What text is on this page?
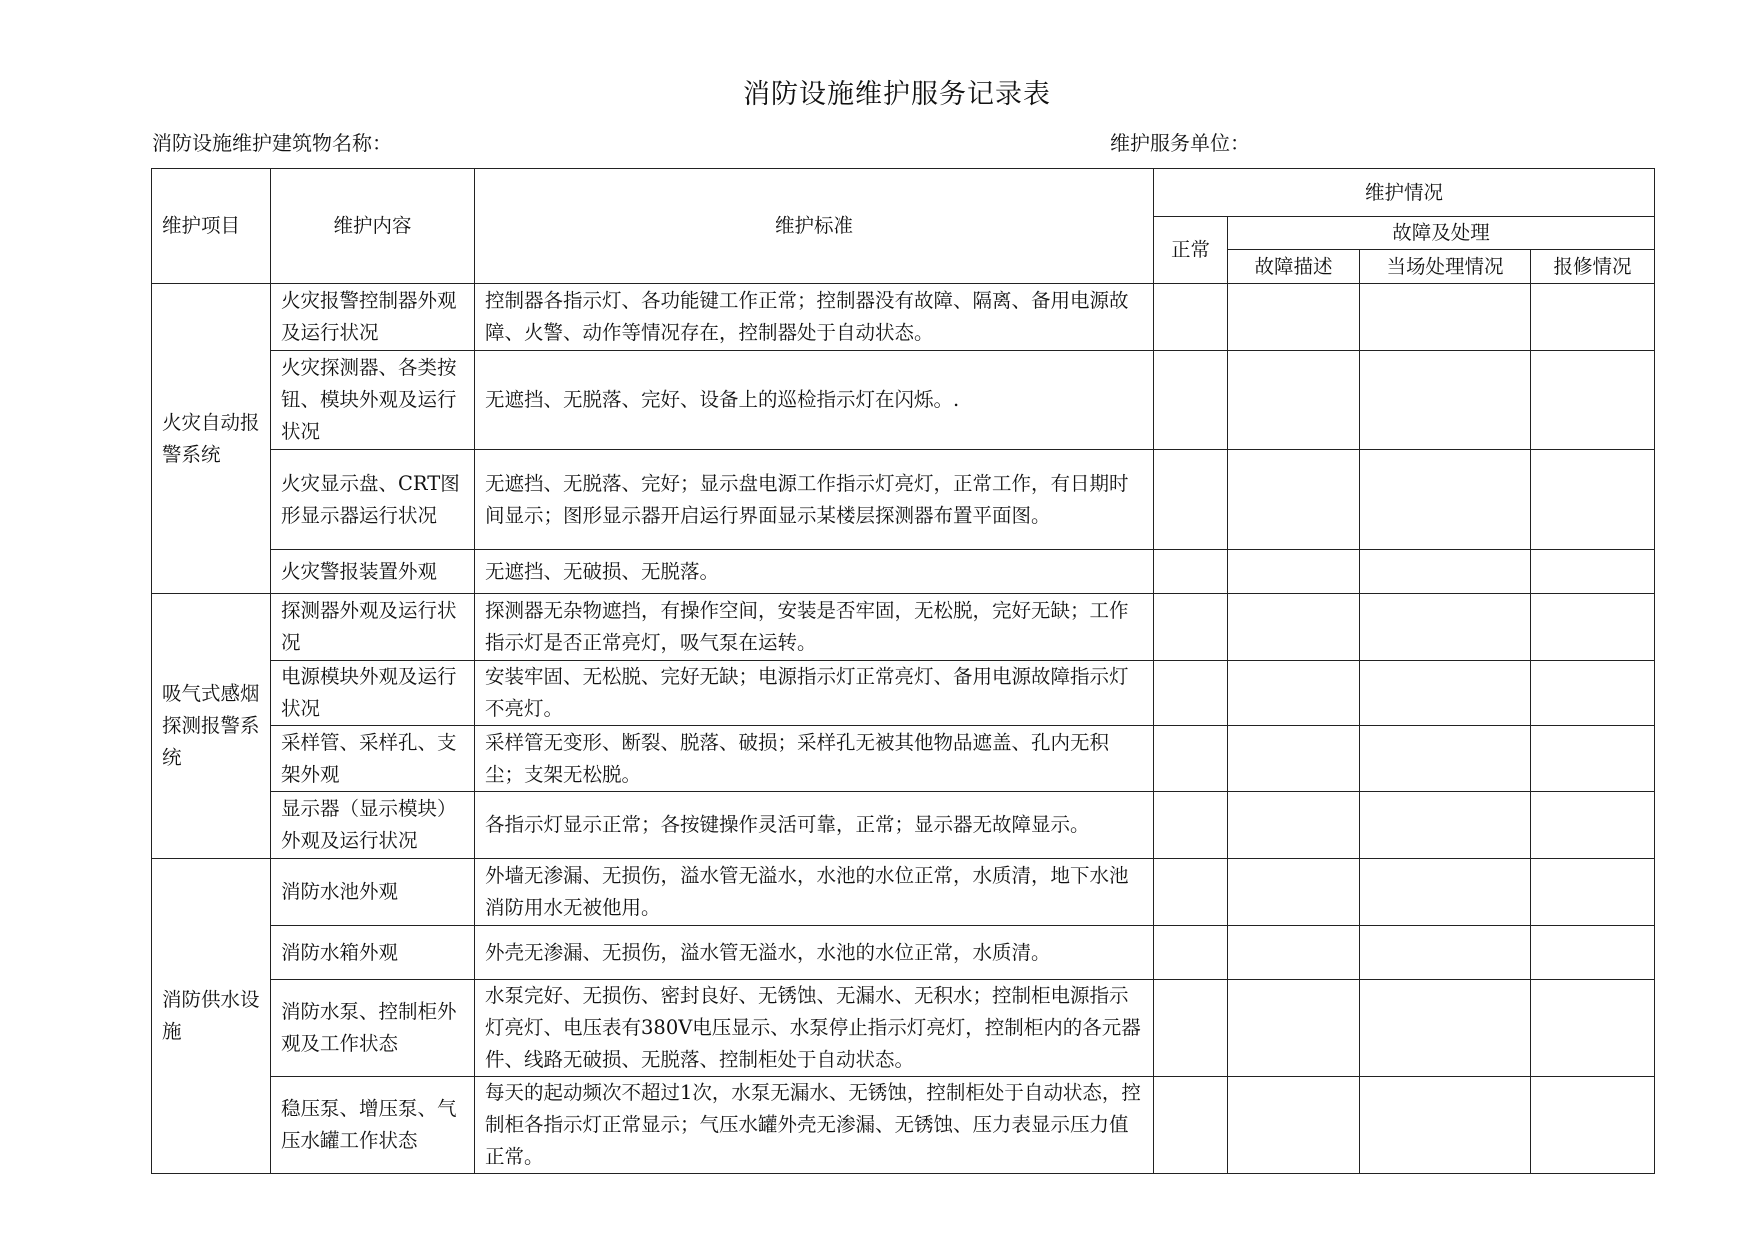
消防设施维护服务记录表
消防设施维护建筑物名称：	维护服务单位：
维护项目	维护内容	维护标准	维护情况			
			正常	故障及处理		
				故障描述	当场处理情况	报修情况
火灾自动报警系统	火灾报警控制器外观及运行状况	控制器各指示灯、各功能键工作正常；控制器没有故障、隔离、备用电源故障、火警、动作等情况存在，控制器处于自动状态。				
	火灾探测器、各类按钮、模块外观及运行状况	无遮挡、无脱落、完好、设备上的巡检指示灯在闪烁。.				
	火灾显示盘、CRT图形显示器运行状况	无遮挡、无脱落、完好；显示盘电源工作指示灯亮灯，正常工作，有日期时间显示；图形显示器开启运行界面显示某楼层探测器布置平面图。				
	火灾警报装置外观	无遮挡、无破损、无脱落。				
吸气式感烟探测报警系统	探测器外观及运行状况	探测器无杂物遮挡，有操作空间，安装是否牢固，无松脱，完好无缺；工作指示灯是否正常亮灯，吸气泵在运转。				
	电源模块外观及运行状况	安装牢固、无松脱、完好无缺；电源指示灯正常亮灯、备用电源故障指示灯不亮灯。				
	采样管、采样孔、支架外观	采样管无变形、断裂、脱落、破损；采样孔无被其他物品遮盖、孔内无积尘；支架无松脱。				
	显示器（显示模块）外观及运行状况	各指示灯显示正常；各按键操作灵活可靠，正常；显示器无故障显示。				
消防供水设施	消防水池外观	外墙无渗漏、无损伤，溢水管无溢水，水池的水位正常，水质清，地下水池消防用水无被他用。				
	消防水箱外观	外壳无渗漏、无损伤，溢水管无溢水，水池的水位正常，水质清。				
	消防水泵、控制柜外观及工作状态	水泵完好、无损伤、密封良好、无锈蚀、无漏水、无积水；控制柜电源指示灯亮灯、电压表有380V电压显示、水泵停止指示灯亮灯，控制柜内的各元器件、线路无破损、无脱落、控制柜处于自动状态。				
	稳压泵、增压泵、气压水罐工作状态	每天的起动频次不超过1次，水泵无漏水、无锈蚀，控制柜处于自动状态，控制柜各指示灯正常显示；气压水罐外壳无渗漏、无锈蚀、压力表显示压力值正常。				
